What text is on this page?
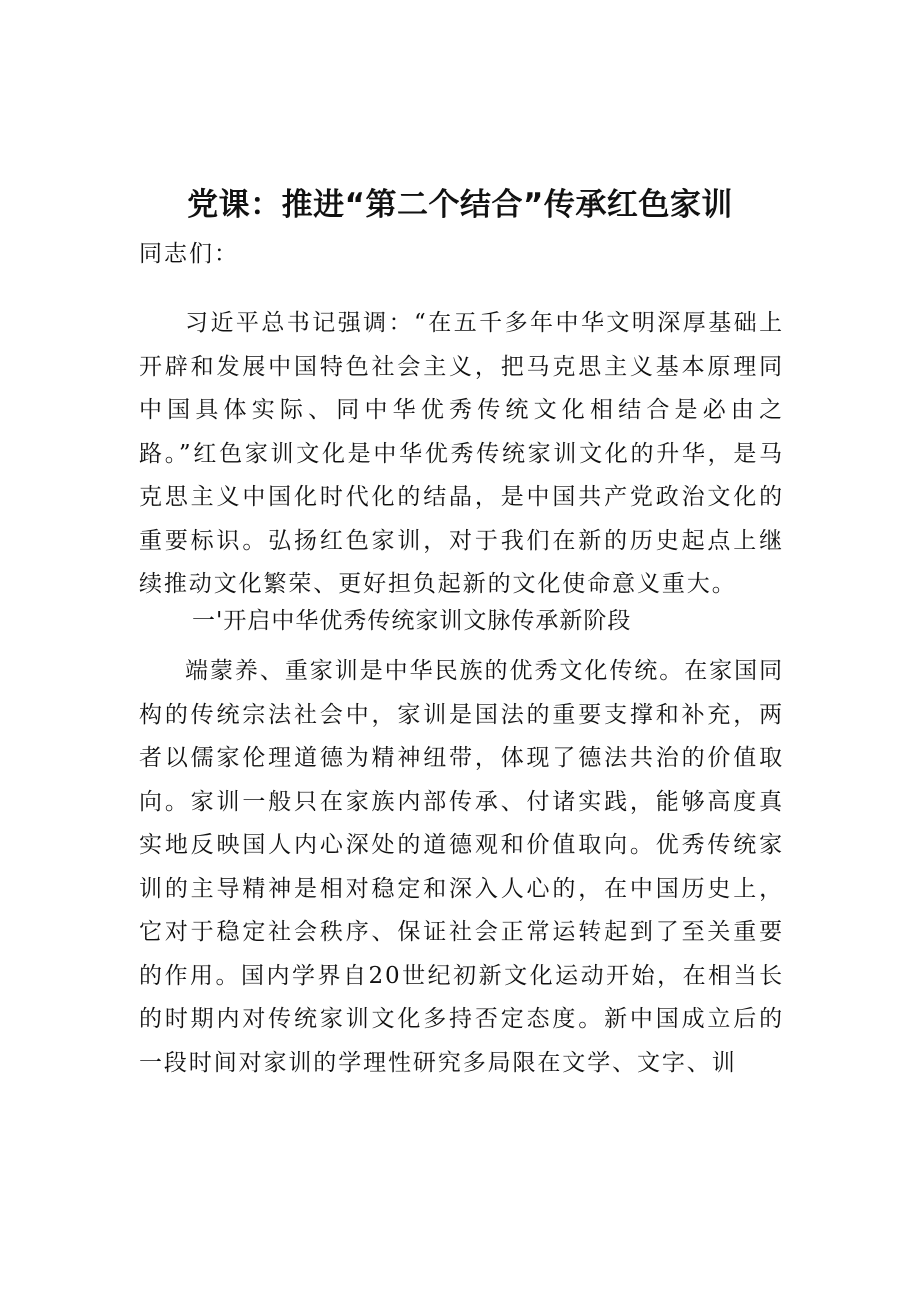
党课：推进“第二个结合”传承红色家训
同志们：

习近平总书记强调：“在五千多年中华文明深厚基础上开辟和发展中国特色社会主义，把马克思主义基本原理同中国具体实际、同中华优秀传统文化相结合是必由之路。”红色家训文化是中华优秀传统家训文化的升华，是马克思主义中国化时代化的结晶，是中国共产党政治文化的重要标识。弘扬红色家训，对于我们在新的历史起点上继续推动文化繁荣、更好担负起新的文化使命意义重大。

一'开启中华优秀传统家训文脉传承新阶段

端蒙养、重家训是中华民族的优秀文化传统。在家国同构的传统宗法社会中，家训是国法的重要支撑和补充，两者以儒家伦理道德为精神纽带，体现了德法共治的价值取向。家训一般只在家族内部传承、付诸实践，能够高度真实地反映国人内心深处的道德观和价值取向。优秀传统家训的主导精神是相对稳定和深入人心的，在中国历史上，它对于稳定社会秩序、保证社会正常运转起到了至关重要的作用。国内学界自20世纪初新文化运动开始，在相当长的时期内对传统家训文化多持否定态度。新中国成立后的一段时间对家训的学理性研究多局限在文学、文字、训
